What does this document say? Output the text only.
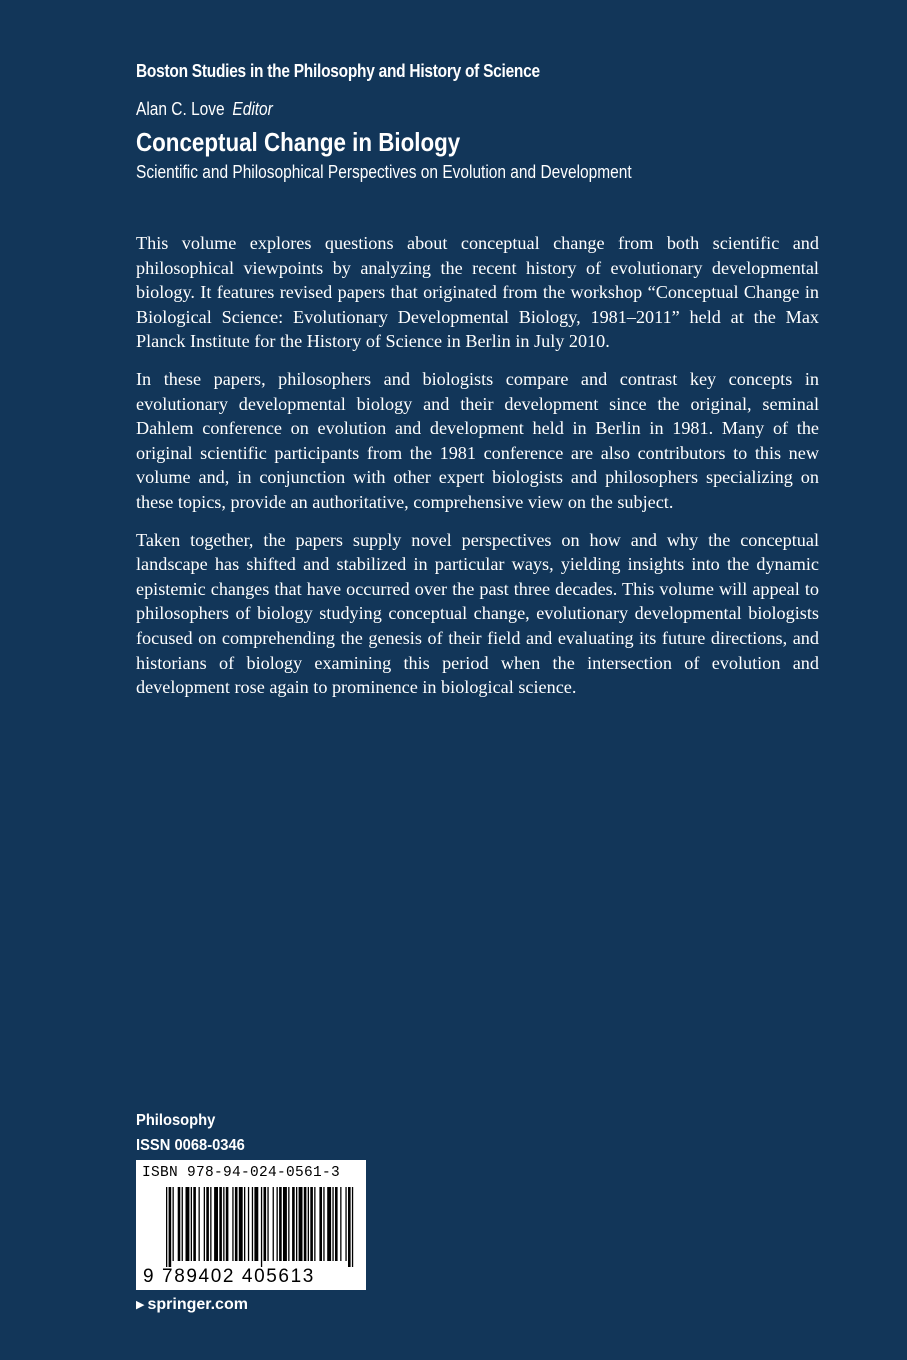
Boston Studies in the Philosophy and History of Science
Alan C. Love Editor
Conceptual Change in Biology
Scientific and Philosophical Perspectives on Evolution and Development

This volume explores questions about conceptual change from both scientific and philosophical viewpoints by analyzing the recent history of evolutionary developmental biology. It features revised papers that originated from the workshop “Conceptual Change in Biological Science: Evolutionary Developmental Biology, 1981–2011” held at the Max Planck Institute for the History of Science in Berlin in July 2010.

In these papers, philosophers and biologists compare and contrast key concepts in evolutionary developmental biology and their development since the original, seminal Dahlem conference on evolution and development held in Berlin in 1981. Many of the original scientific participants from the 1981 conference are also contributors to this new volume and, in conjunction with other expert biologists and philosophers specializing on these topics, provide an authoritative, comprehensive view on the subject.

Taken together, the papers supply novel perspectives on how and why the conceptual landscape has shifted and stabilized in particular ways, yielding insights into the dynamic epistemic changes that have occurred over the past three decades. This volume will appeal to philosophers of biology studying conceptual change, evolutionary developmental biologists focused on comprehending the genesis of their field and evaluating its future directions, and historians of biology examining this period when the intersection of evolution and development rose again to prominence in biological science.

Philosophy
ISSN 0068-0346
ISBN 978-94-024-0561-3
9 789402 405613
▶ springer.com
